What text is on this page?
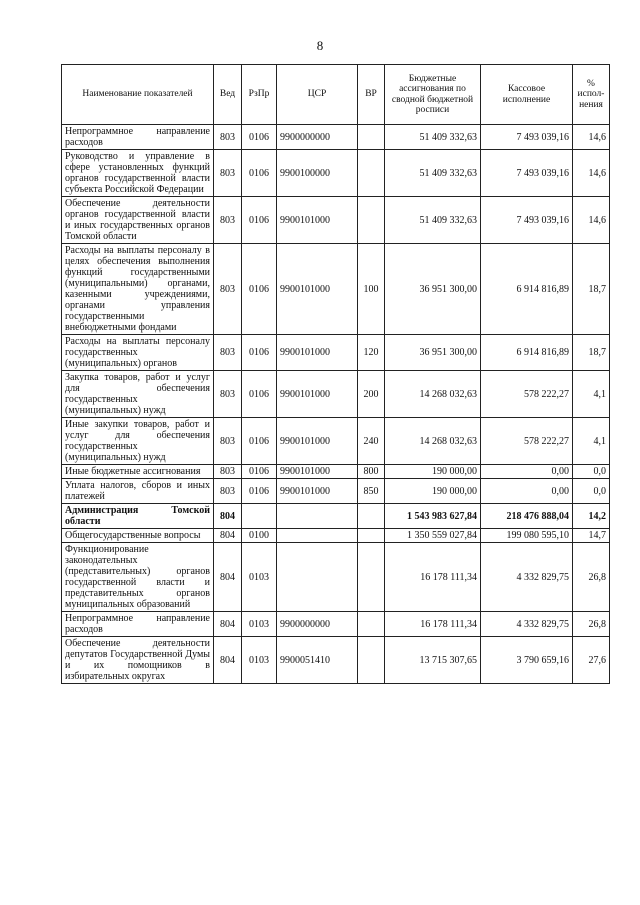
8
Наименование показателей	Вед	РзПр	ЦСР	ВР	Бюджетные ассигнования по сводной бюджетной росписи	Кассовое исполнение	% испол-нения
Непрограммное направление расходов	803	0106	9900000000		51 409 332,63	7 493 039,16	14,6
Руководство и управление в сфере установленных функций органов государственной власти субъекта Российской Федерации	803	0106	9900100000		51 409 332,63	7 493 039,16	14,6
Обеспечение деятельности органов государственной власти и иных государственных органов Томской области	803	0106	9900101000		51 409 332,63	7 493 039,16	14,6
Расходы на выплаты персоналу в целях обеспечения выполнения функций государственными (муниципальными) органами, казенными учреждениями, органами управления государственными внебюджетными фондами	803	0106	9900101000	100	36 951 300,00	6 914 816,89	18,7
Расходы на выплаты персоналу государственных (муниципальных) органов	803	0106	9900101000	120	36 951 300,00	6 914 816,89	18,7
Закупка товаров, работ и услуг для обеспечения государственных (муниципальных) нужд	803	0106	9900101000	200	14 268 032,63	578 222,27	4,1
Иные закупки товаров, работ и услуг для обеспечения государственных (муниципальных) нужд	803	0106	9900101000	240	14 268 032,63	578 222,27	4,1
Иные бюджетные ассигнования	803	0106	9900101000	800	190 000,00	0,00	0,0
Уплата налогов, сборов и иных платежей	803	0106	9900101000	850	190 000,00	0,00	0,0
Администрация Томской области	804				1 543 983 627,84	218 476 888,04	14,2
Общегосударственные вопросы	804	0100			1 350 559 027,84	199 080 595,10	14,7
Функционирование законодательных (представительных) органов государственной власти и представительных органов муниципальных образований	804	0103			16 178 111,34	4 332 829,75	26,8
Непрограммное направление расходов	804	0103	9900000000		16 178 111,34	4 332 829,75	26,8
Обеспечение деятельности депутатов Государственной Думы и их помощников в избирательных округах	804	0103	9900051410		13 715 307,65	3 790 659,16	27,6
